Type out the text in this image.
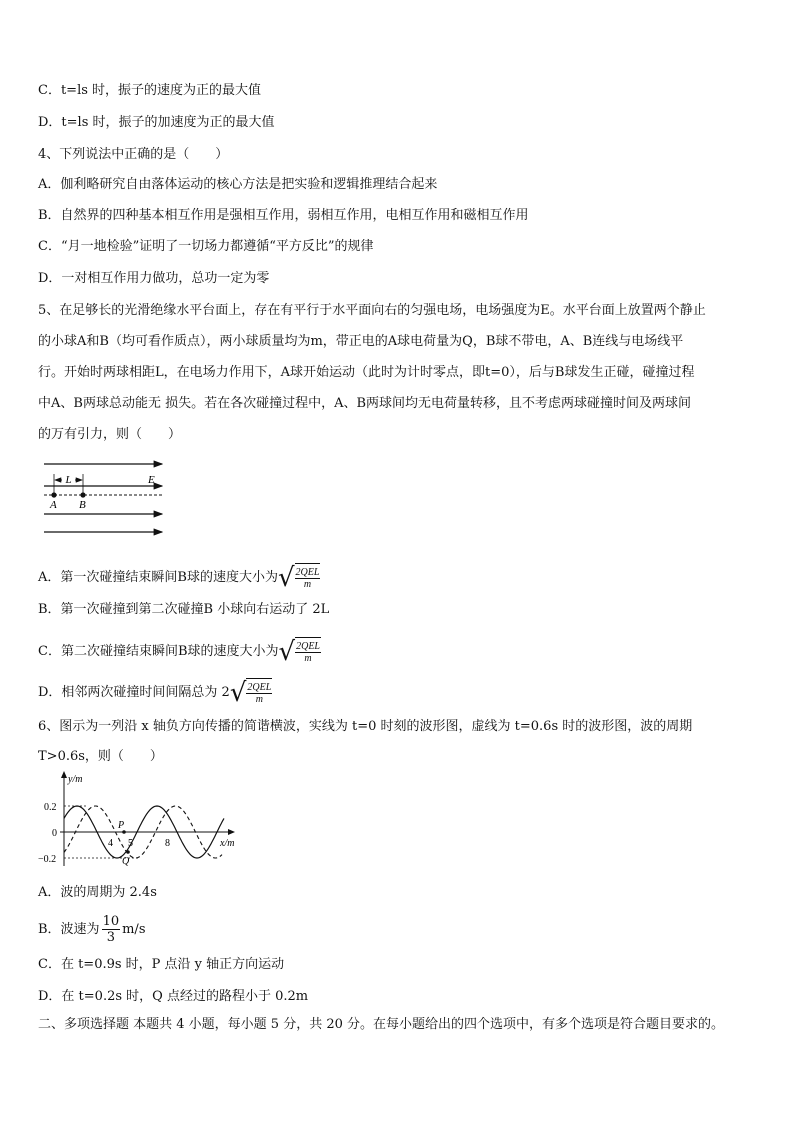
C．t=ls 时，振子的速度为正的最大值
D．t=ls 时，振子的加速度为正的最大值
4、下列说法中正确的是（　　）
A．伽利略研究自由落体运动的核心方法是把实验和逻辑推理结合起来
B．自然界的四种基本相互作用是强相互作用，弱相互作用，电相互作用和磁相互作用
C．“月一地检验”证明了一切场力都遵循“平方反比”的规律
D．一对相互作用力做功，总功一定为零
5、在足够长的光滑绝缘水平台面上，存在有平行于水平面向右的匀强电场，电场强度为E。水平台面上放置两个静止
的小球A和B（均可看作质点），两小球质量均为m，带正电的A球电荷量为Q，B球不带电，A、B连线与电场线平
行。开始时两球相距L，在电场力作用下，A球开始运动（此时为计时零点，即t=0），后与B球发生正碰，碰撞过程
中A、B两球总动能无 损失。若在各次碰撞过程中，A、B两球间均无电荷量转移，且不考虑两球碰撞时间及两球间
的万有引力，则（　　）
L	E
A B
A．第一次碰撞结束瞬间B球的速度大小为 √ $\frac{\text{2QEL}}{m}$
B．第一次碰撞到第二次碰撞B 小球向右运动了 2L
C．第二次碰撞结束瞬间B球的速度大小为 √ $\frac{\text{2QEL}}{m}$
D．相邻两次碰撞时间间隔总为 2 √ $\frac{\text{2QEL}}{m}$
6、图示为一列沿 x 轴负方向传播的简谐横波，实线为 t=0 时刻的波形图，虚线为 t=0.6s 时的波形图，波的周期
T>0.6s，则（　　）
y/m
x/m
0.2
0
−0.2
4 5	8
P
Q
A．波的周期为 2.4s
B．波速为 $\frac{10}{3} m/s$
C．在 t=0.9s 时，P 点沿 y 轴正方向运动
D．在 t=0.2s 时，Q 点经过的路程小于 0.2m
二、多项选择题 本题共 4 小题，每小题 5 分，共 20 分。在每小题给出的四个选项中，有多个选项是符合题目要求的。
